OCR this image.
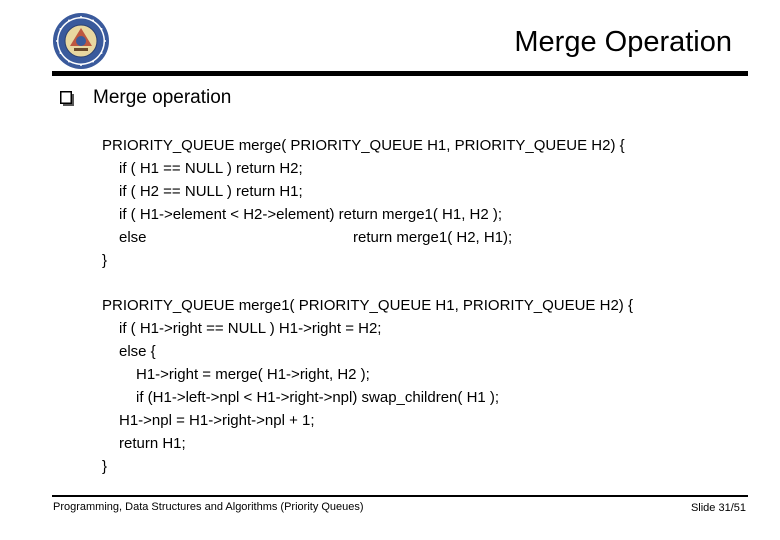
Merge Operation
Merge operation
PRIORITY_QUEUE merge( PRIORITY_QUEUE H1, PRIORITY_QUEUE H2) {
if ( H1 == NULL ) return H2;
if ( H2 == NULL ) return H1;
if ( H1->element < H2->element) return merge1( H1, H2 );
else	return merge1( H2, H1);
}
PRIORITY_QUEUE merge1( PRIORITY_QUEUE H1, PRIORITY_QUEUE H2) {
if ( H1->right == NULL ) H1->right = H2;
else {
H1->right = merge( H1->right, H2 );
if (H1->left->npl < H1->right->npl) swap_children( H1 );
H1->npl = H1->right->npl + 1;
return H1;
}
Programming, Data Structures and Algorithms (Priority Queues)	Slide 31/51
